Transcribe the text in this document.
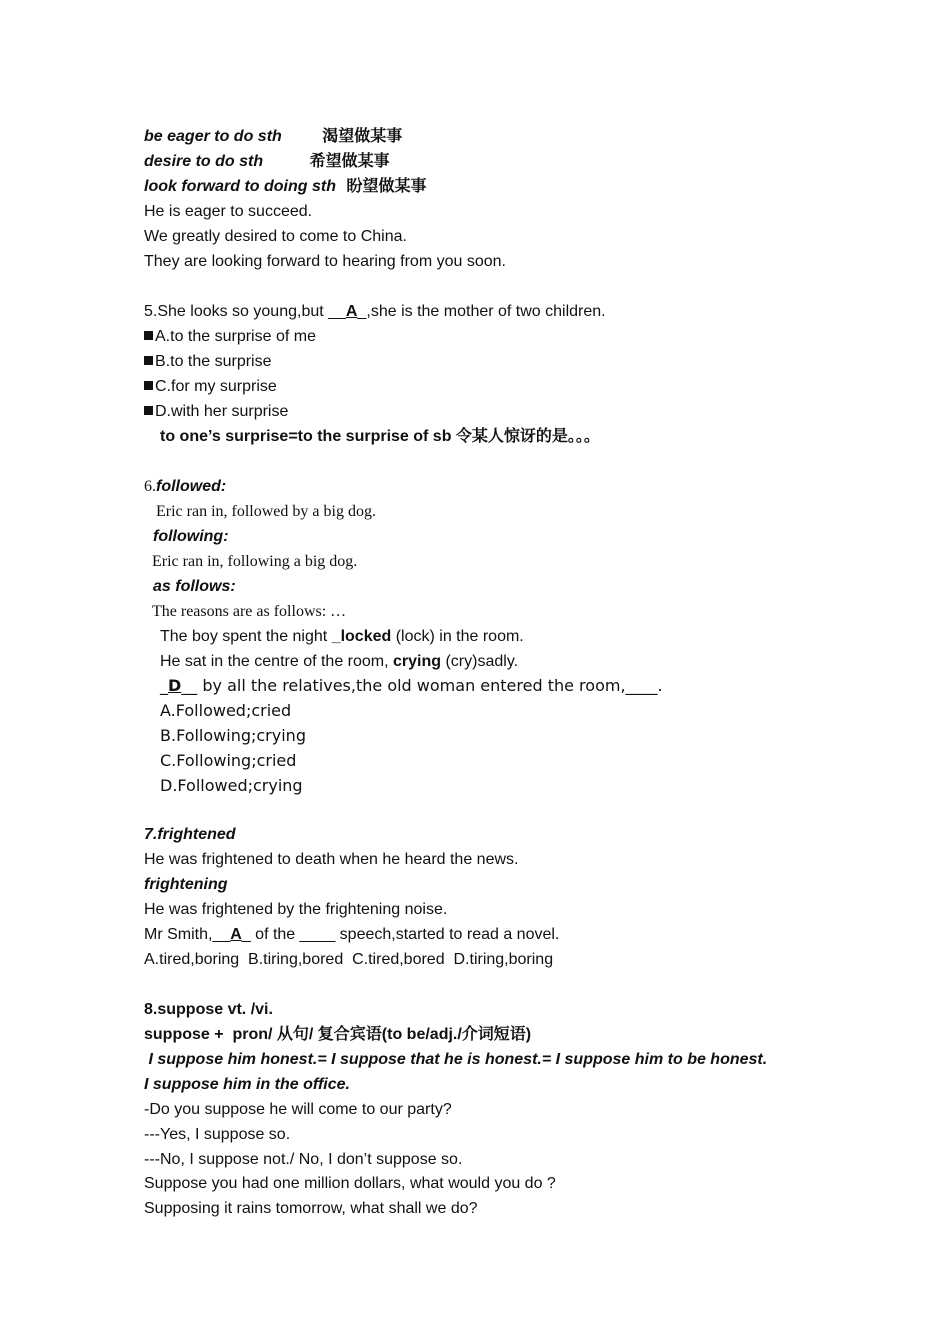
be eager to do sth	渴望做某事
desire to do sth	希望做某事
look forward to doing sth 盼望做某事
He is eager to succeed.
We greatly desired to come to China.
They are looking forward to hearing from you soon.
5.She looks so young,but __A_,she is the mother of two children.
A.to the surprise of me
B.to the surprise
C.for my surprise
D.with her surprise
to one’s surprise=to the surprise of sb 令某人惊讶的是。。。
6.followed:
Eric ran in, followed by a big dog.
following:
Eric ran in, following a big dog.
as follows:
The reasons are as follows: …
The boy spent the night _locked (lock) in the room.
He sat in the centre of the room, crying (cry)sadly.
_D__ by all the relatives,the old woman entered the room,____.
A.Followed;cried
B.Following;crying
C.Following;cried
D.Followed;crying
7.frightened
He was frightened to death when he heard the news.
frightening
He was frightened by the frightening noise.
Mr Smith,__A_ of the ____ speech,started to read a novel.
A.tired,boring  B.tiring,bored  C.tired,bored  D.tiring,boring
8.suppose vt. /vi.
suppose +  pron/ 从句/ 复合宾语(to be/adj./介词短语)
I suppose him honest.= I suppose that he is honest.= I suppose him to be honest.
I suppose him in the office.
-Do you suppose he will come to our party?
---Yes, I suppose so.
---No, I suppose not./ No, I don’t suppose so.
Suppose you had one million dollars, what would you do ?
Supposing it rains tomorrow, what shall we do?
